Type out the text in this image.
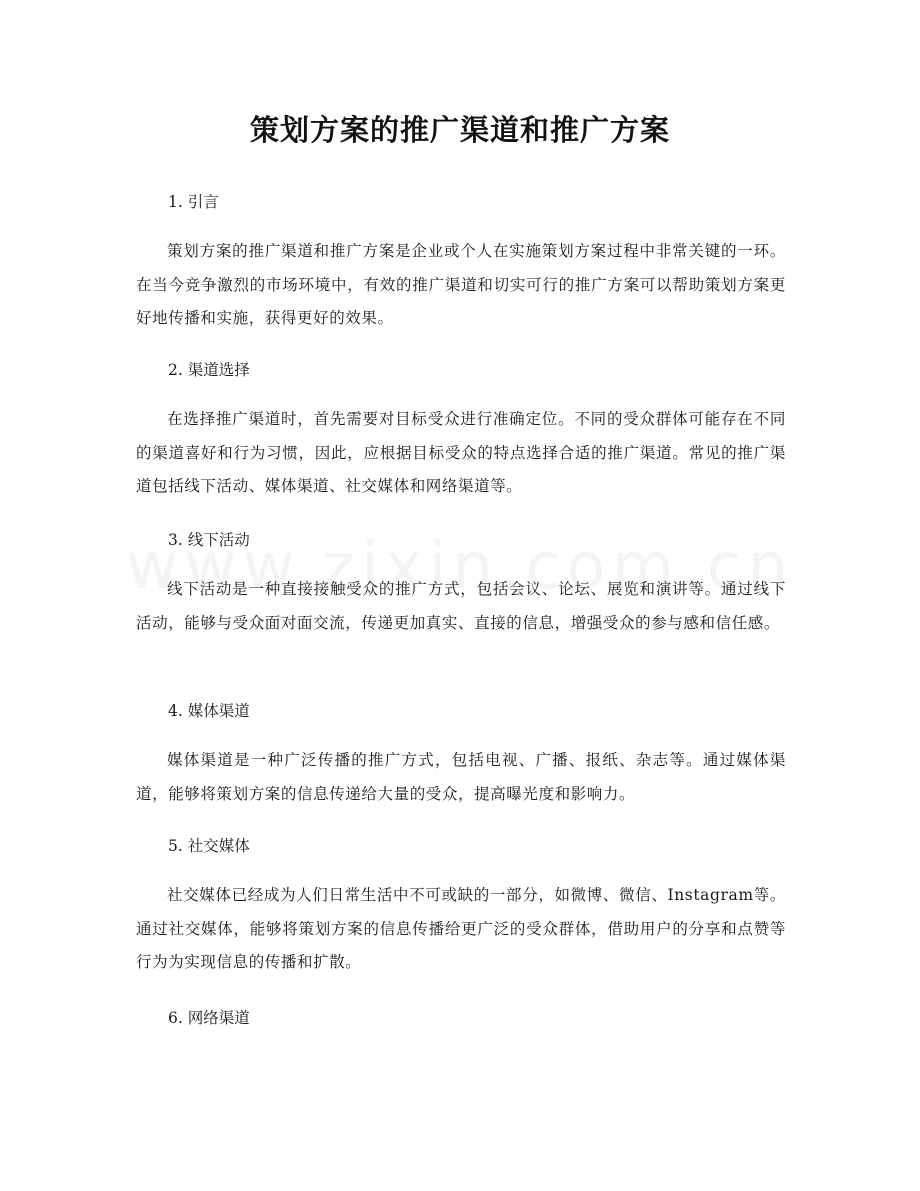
策划方案的推广渠道和推广方案

1. 引言

策划方案的推广渠道和推广方案是企业或个人在实施策划方案过程中非常关键的一环。在当今竞争激烈的市场环境中，有效的推广渠道和切实可行的推广方案可以帮助策划方案更好地传播和实施，获得更好的效果。

2. 渠道选择

在选择推广渠道时，首先需要对目标受众进行准确定位。不同的受众群体可能存在不同的渠道喜好和行为习惯，因此，应根据目标受众的特点选择合适的推广渠道。常见的推广渠道包括线下活动、媒体渠道、社交媒体和网络渠道等。

3. 线下活动

线下活动是一种直接接触受众的推广方式，包括会议、论坛、展览和演讲等。通过线下活动，能够与受众面对面交流，传递更加真实、直接的信息，增强受众的参与感和信任感。

4. 媒体渠道

媒体渠道是一种广泛传播的推广方式，包括电视、广播、报纸、杂志等。通过媒体渠道，能够将策划方案的信息传递给大量的受众，提高曝光度和影响力。

5. 社交媒体

社交媒体已经成为人们日常生活中不可或缺的一部分，如微博、微信、Instagram等。通过社交媒体，能够将策划方案的信息传播给更广泛的受众群体，借助用户的分享和点赞等行为为实现信息的传播和扩散。

6. 网络渠道
